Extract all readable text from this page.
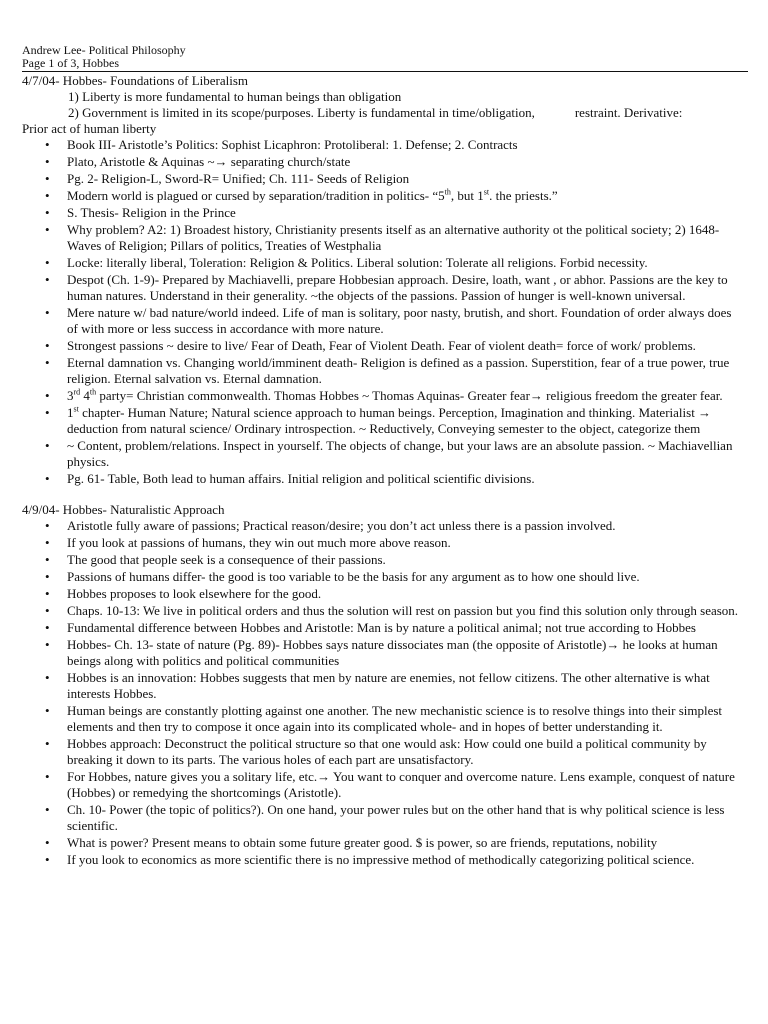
Andrew Lee- Political Philosophy
Page 1 of 3, Hobbes
4/7/04- Hobbes- Foundations of Liberalism
1) Liberty is more fundamental to human beings than obligation
2) Government is limited in its scope/purposes. Liberty is fundamental in time/obligation,	restraint. Derivative:
Prior act of human liberty
• Book III- Aristotle’s Politics: Sophist Licaphron: Protoliberal: 1. Defense; 2. Contracts
• Plato, Aristotle & Aquinas ~→ separating church/state
• Pg. 2- Religion-L, Sword-R= Unified; Ch. 111- Seeds of Religion
• Modern world is plagued or cursed by separation/tradition in politics- “5th, but 1st. the priests.”
• S. Thesis- Religion in the Prince
• Why problem? A2: 1) Broadest history, Christianity presents itself as an alternative authority ot the political society; 2) 1648- Waves of Religion; Pillars of politics, Treaties of Westphalia
• Locke: literally liberal, Toleration: Religion & Politics. Liberal solution: Tolerate all religions. Forbid necessity.
• Despot (Ch. 1-9)- Prepared by Machiavelli, prepare Hobbesian approach. Desire, loath, want , or abhor. Passions are the key to human natures. Understand in their generality. ~the objects of the passions. Passion of hunger is well-known universal.
• Mere nature w/ bad nature/world indeed. Life of man is solitary, poor nasty, brutish, and short. Foundation of order always does of with more or less success in accordance with more nature.
• Strongest passions ~ desire to live/ Fear of Death, Fear of Violent Death. Fear of violent death= force of work/ problems.
• Eternal damnation vs. Changing world/imminent death- Religion is defined as a passion. Superstition, fear of a true power, true religion. Eternal salvation vs. Eternal damnation.
• 3rd 4th party= Christian commonwealth. Thomas Hobbes ~ Thomas Aquinas- Greater fear→ religious freedom the greater fear.
• 1st chapter- Human Nature; Natural science approach to human beings. Perception, Imagination and thinking. Materialist → deduction from natural science/ Ordinary introspection. ~ Reductively, Conveying semester to the object, categorize them
• ~ Content, problem/relations. Inspect in yourself. The objects of change, but your laws are an absolute passion. ~ Machiavellian physics.
• Pg. 61- Table, Both lead to human affairs. Initial religion and political scientific divisions.
4/9/04- Hobbes- Naturalistic Approach
• Aristotle fully aware of passions; Practical reason/desire; you don’t act unless there is a passion involved.
• If you look at passions of humans, they win out much more above reason.
• The good that people seek is a consequence of their passions.
• Passions of humans differ- the good is too variable to be the basis for any argument as to how one should live.
• Hobbes proposes to look elsewhere for the good.
• Chaps. 10-13: We live in political orders and thus the solution will rest on passion but you find this solution only through season.
• Fundamental difference between Hobbes and Aristotle: Man is by nature a political animal; not true according to Hobbes
• Hobbes- Ch. 13- state of nature (Pg. 89)- Hobbes says nature dissociates man (the opposite of Aristotle)→ he looks at human beings along with politics and political communities
• Hobbes is an innovation: Hobbes suggests that men by nature are enemies, not fellow citizens. The other alternative is what interests Hobbes.
• Human beings are constantly plotting against one another. The new mechanistic science is to resolve things into their simplest elements and then try to compose it once again into its complicated whole- and in hopes of better understanding it.
• Hobbes approach: Deconstruct the political structure so that one would ask: How could one build a political community by breaking it down to its parts. The various holes of each part are unsatisfactory.
• For Hobbes, nature gives you a solitary life, etc.→ You want to conquer and overcome nature. Lens example, conquest of nature (Hobbes) or remedying the shortcomings (Aristotle).
• Ch. 10- Power (the topic of politics?). On one hand, your power rules but on the other hand that is why political science is less scientific.
• What is power? Present means to obtain some future greater good. $ is power, so are friends, reputations, nobility
• If you look to economics as more scientific there is no impressive method of methodically categorizing political science.
